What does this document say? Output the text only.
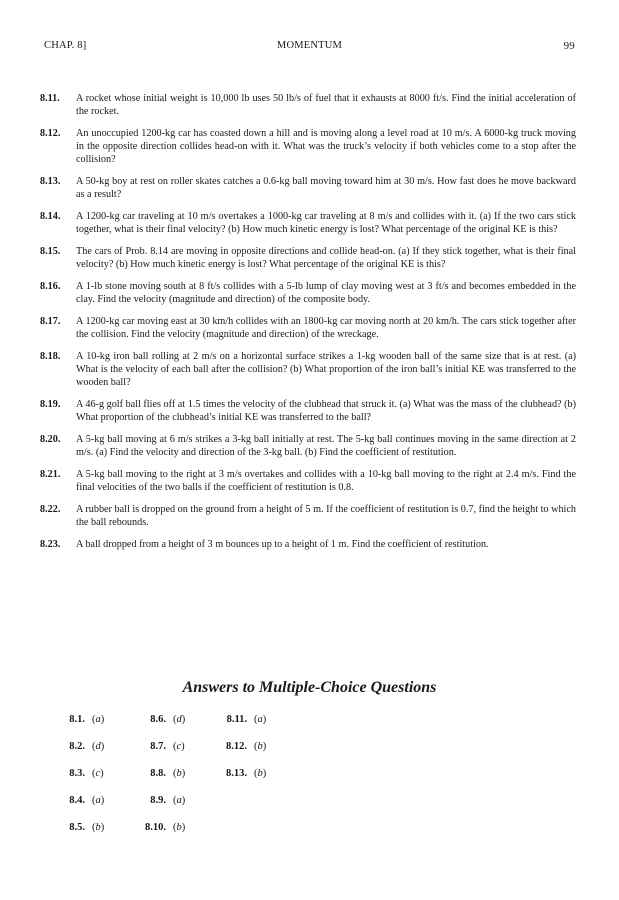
CHAP. 8]	MOMENTUM	99
8.11.	A rocket whose initial weight is 10,000 lb uses 50 lb/s of fuel that it exhausts at 8000 ft/s. Find the initial acceleration of the rocket.
8.12.	An unoccupied 1200-kg car has coasted down a hill and is moving along a level road at 10 m/s. A 6000-kg truck moving in the opposite direction collides head-on with it. What was the truck’s velocity if both vehicles come to a stop after the collision?
8.13.	A 50-kg boy at rest on roller skates catches a 0.6-kg ball moving toward him at 30 m/s. How fast does he move backward as a result?
8.14.	A 1200-kg car traveling at 10 m/s overtakes a 1000-kg car traveling at 8 m/s and collides with it. (a) If the two cars stick together, what is their final velocity? (b) How much kinetic energy is lost? What percentage of the original KE is this?
8.15.	The cars of Prob. 8.14 are moving in opposite directions and collide head-on. (a) If they stick together, what is their final velocity? (b) How much kinetic energy is lost? What percentage of the original KE is this?
8.16.	A 1-lb stone moving south at 8 ft/s collides with a 5-lb lump of clay moving west at 3 ft/s and becomes embedded in the clay. Find the velocity (magnitude and direction) of the composite body.
8.17.	A 1200-kg car moving east at 30 km/h collides with an 1800-kg car moving north at 20 km/h. The cars stick together after the collision. Find the velocity (magnitude and direction) of the wreckage.
8.18.	A 10-kg iron ball rolling at 2 m/s on a horizontal surface strikes a 1-kg wooden ball of the same size that is at rest. (a) What is the velocity of each ball after the collision? (b) What proportion of the iron ball’s initial KE was transferred to the wooden ball?
8.19.	A 46-g golf ball flies off at 1.5 times the velocity of the clubhead that struck it. (a) What was the mass of the clubhead? (b) What proportion of the clubhead’s initial KE was transferred to the ball?
8.20.	A 5-kg ball moving at 6 m/s strikes a 3-kg ball initially at rest. The 5-kg ball continues moving in the same direction at 2 m/s. (a) Find the velocity and direction of the 3-kg ball. (b) Find the coefficient of restitution.
8.21.	A 5-kg ball moving to the right at 3 m/s overtakes and collides with a 10-kg ball moving to the right at 2.4 m/s. Find the final velocities of the two balls if the coefficient of restitution is 0.8.
8.22.	A rubber ball is dropped on the ground from a height of 5 m. If the coefficient of restitution is 0.7, find the height to which the ball rebounds.
8.23.	A ball dropped from a height of 3 m bounces up to a height of 1 m. Find the coefficient of restitution.
Answers to Multiple-Choice Questions
8.1. (a)	8.6. (d)	8.11. (a)
8.2. (d)	8.7. (c)	8.12. (b)
8.3. (c)	8.8. (b)	8.13. (b)
8.4. (a)	8.9. (a)
8.5. (b)	8.10. (b)
